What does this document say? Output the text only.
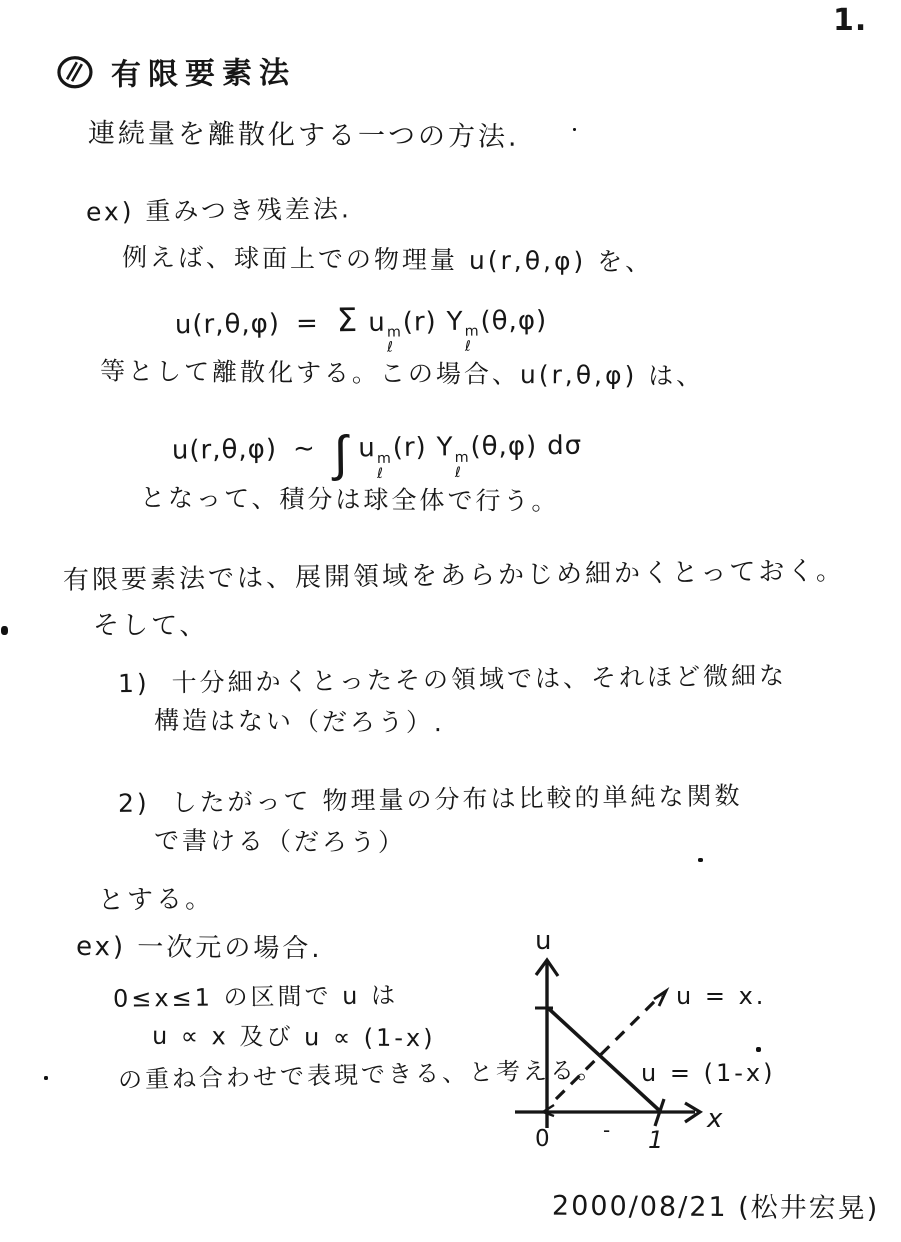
1.
有限要素法
連続量を離散化する一つの方法.
ex) 重みつき残差法.
例えば、球面上での物理量 u(r,θ,φ) を、
u(r,θ,φ) = Σ u m
ℓ
(r) Y m
ℓ
(θ,φ)
等として離散化する。この場合、u(r,θ,φ) は、
u(r,θ,φ) ∼ ∫ u m
ℓ
(r) Y m
ℓ
(θ,φ) dσ
となって、積分は球全体で行う。
有限要素法では、展開領域をあらかじめ細かくとっておく。
そして、
1) 十分細かくとったその領域では、それほど微細な
構造はない（だろう）.
2) したがって 物理量の分布は比較的単純な関数
で書ける（だろう）
とする。
ex) 一次元の場合.
0≤x≤1 の区間で u は
u ∝ x 及び u ∝ (1-x)
の重ね合わせで表現できる、と考える。
u
x
0	1
-
u = x.
u = (1-x)
2000/08/21 (松井宏晃)
